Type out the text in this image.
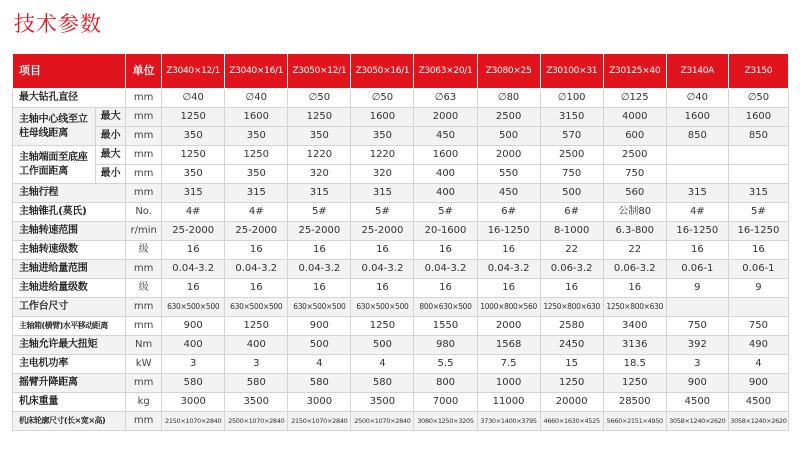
技术参数
项目		单位	Z3040×12/1	Z3040×16/1	Z3050×12/1	Z3050×16/1	Z3063×20/1	Z3080×25	Z30100×31	Z30125×40	Z3140A	Z3150
最大钻孔直径		mm	∅40	∅40	∅50	∅50	∅63	∅80	∅100	∅125	∅40	∅50
主轴中心线至立柱母线距离	最大	mm	1250	1600	1250	1600	2000	2500	3150	4000	1600	1600
	最小	mm	350	350	350	350	450	500	570	600	850	850
主轴端面至底座工作面距离	最大	mm	1250	1250	1220	1220	1600	2000	2500	2500		
	最小	mm	350	350	320	320	400	550	750	750		
主轴行程		mm	315	315	315	315	400	450	500	560	315	315
主轴锥孔(莫氏)		No.	4#	4#	5#	5#	5#	6#	6#	公制80	4#	5#
主轴转速范围		r/min	25-2000	25-2000	25-2000	25-2000	20-1600	16-1250	8-1000	6.3-800	16-1250	16-1250
主轴转速级数		级	16	16	16	16	16	16	22	22	16	16
主轴进给量范围		mm	0.04-3.2	0.04-3.2	0.04-3.2	0.04-3.2	0.04-3.2	0.04-3.2	0.06-3.2	0.06-3.2	0.06-1	0.06-1
主轴进给量级数		级	16	16	16	16	16	16	16	16	9	9
工作台尺寸		mm	630×500×500	630×500×500	630×500×500	630×500×500	800×630×500	1000×800×560	1250×800×630	1250×800×630		
主轴箱(横臂)水平移动距离		mm	900	1250	900	1250	1550	2000	2580	3400	750	750
主轴允许最大扭矩		Nm	400	400	500	500	980	1568	2450	3136	392	490
主电机功率		kW	3	3	4	4	5.5	7.5	15	18.5	3	4
摇臂升降距离		mm	580	580	580	580	800	1000	1250	1250	900	900
机床重量		kg	3000	3500	3000	3500	7000	11000	20000	28500	4500	4500
机床轮廓尺寸(长×宽×高)		mm	2150×1070×2840	2500×1070×2840	2150×1070×2840	2500×1070×2840	3080×1250×3205	3730×1400×3795	4660×1630×4525	5660×2151×4950	3058×1240×2620	3058×1240×2620
